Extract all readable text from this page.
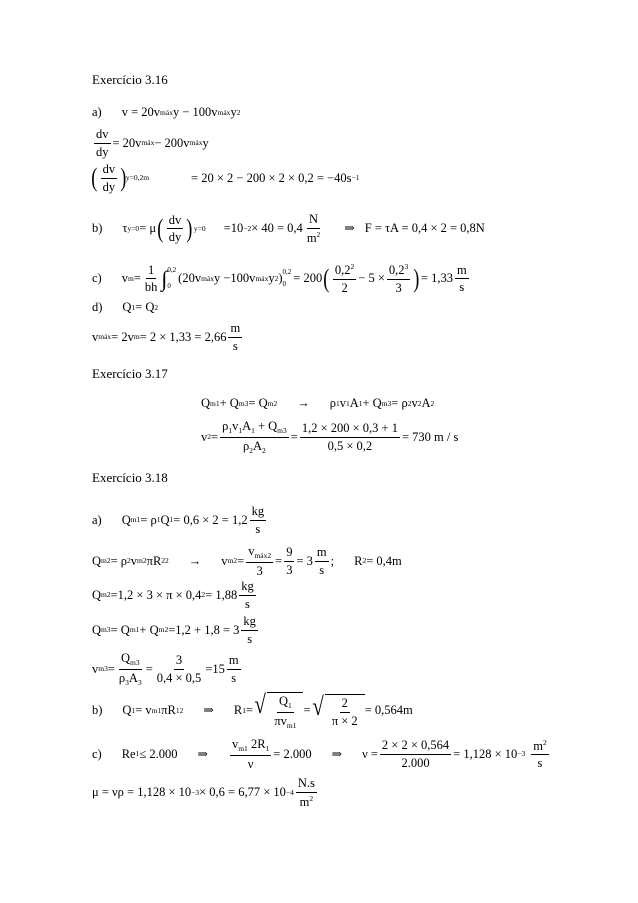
Exercício 3.16
a) v = 20v máx y − 100v máx y 2
$\frac{dv}{dy} = 20v$ máx − 200v máx y
( $\frac{dv}{dy}$ ) y=0,2m	= 20 × 2 − 200 × 2 × 0,2 = −40s −1
b) τ y=0 = μ ( $\frac{dv}{dy}$ ) $y=0 =10 -2 \times 40 = 0,4 \frac{N}{m^2}$ ⇒ F = τA = 0,4 × 2 = 0,8N
c) v $m = \frac{1}{bh}$ ∫ 0,2
0
(20v máx y −100v máx y 2 ) 0,2
0 = 200 ( $\frac{0,2^2}{2} - 5 \times \frac{0,2^3}{3}$ ) = $1,33 \frac{m}{s}$
d) Q 1 = Q 2
v máx = 2v $m = 2 \times 1,33 = 2,66 \frac{m}{s}$
Exercício 3.17
Q m1 + Q m3 = Q m2 → ρ 1 v 1 A 1 + Q m3 = ρ 2 v 2 A 2
v $2 = \frac{\rho_1v_1A_1 + Q_{m3}}{\rho_2A_2} = \frac{1,2 \times 200 \times 0,3 + 1}{0,5 \times 0,2} = 730$ m / s
Exercício 3.18
a) Q m1 = ρ 1 Q $1 = 0,6 \times 2 = 1,2 \frac{kg}{s}$
Q m2 = ρ 2 v m2 πR 2 2 → v $m2 = \frac{v_{máx2}}{3} = \frac{9}{3} = 3 \frac{m}{s}$ ; R 2 = 0,4m
Q m2 =1,2 × 3 × π × 0,4 $2 = 1,88 \frac{kg}{s}$
Q m3 = Q m1 + Q $m2 =1,2 + 1,8 = 3 \frac{kg}{s}$
v $m3 = \frac{Q_{m3}}{\rho_3A_3} = \frac{3}{0,4 \times 0,5} =15 \frac{m}{s}$
b) Q 1 = v m1 πR 1 2 ⇒ R 1 = √ $\frac{Q_1}{\pi v_{m1}}$ = √ $\frac{2}{\pi \times 2} = 0,564m$
c) Re 1 ≤ 2.000 ⇒ $\frac{v_{m1} 2R_1}{\nu} = 2.000$ ⇒ $\nu = \frac{2 \times 2 \times 0,564}{2.000} = 1,128 \times 10 -3 \frac{m^2}{s}$
$\mu = \nu\rho = 1,128 \times 10 -3 \times 0,6 = 6,77 \times 10 -4 \frac{N.s}{m^2}$
